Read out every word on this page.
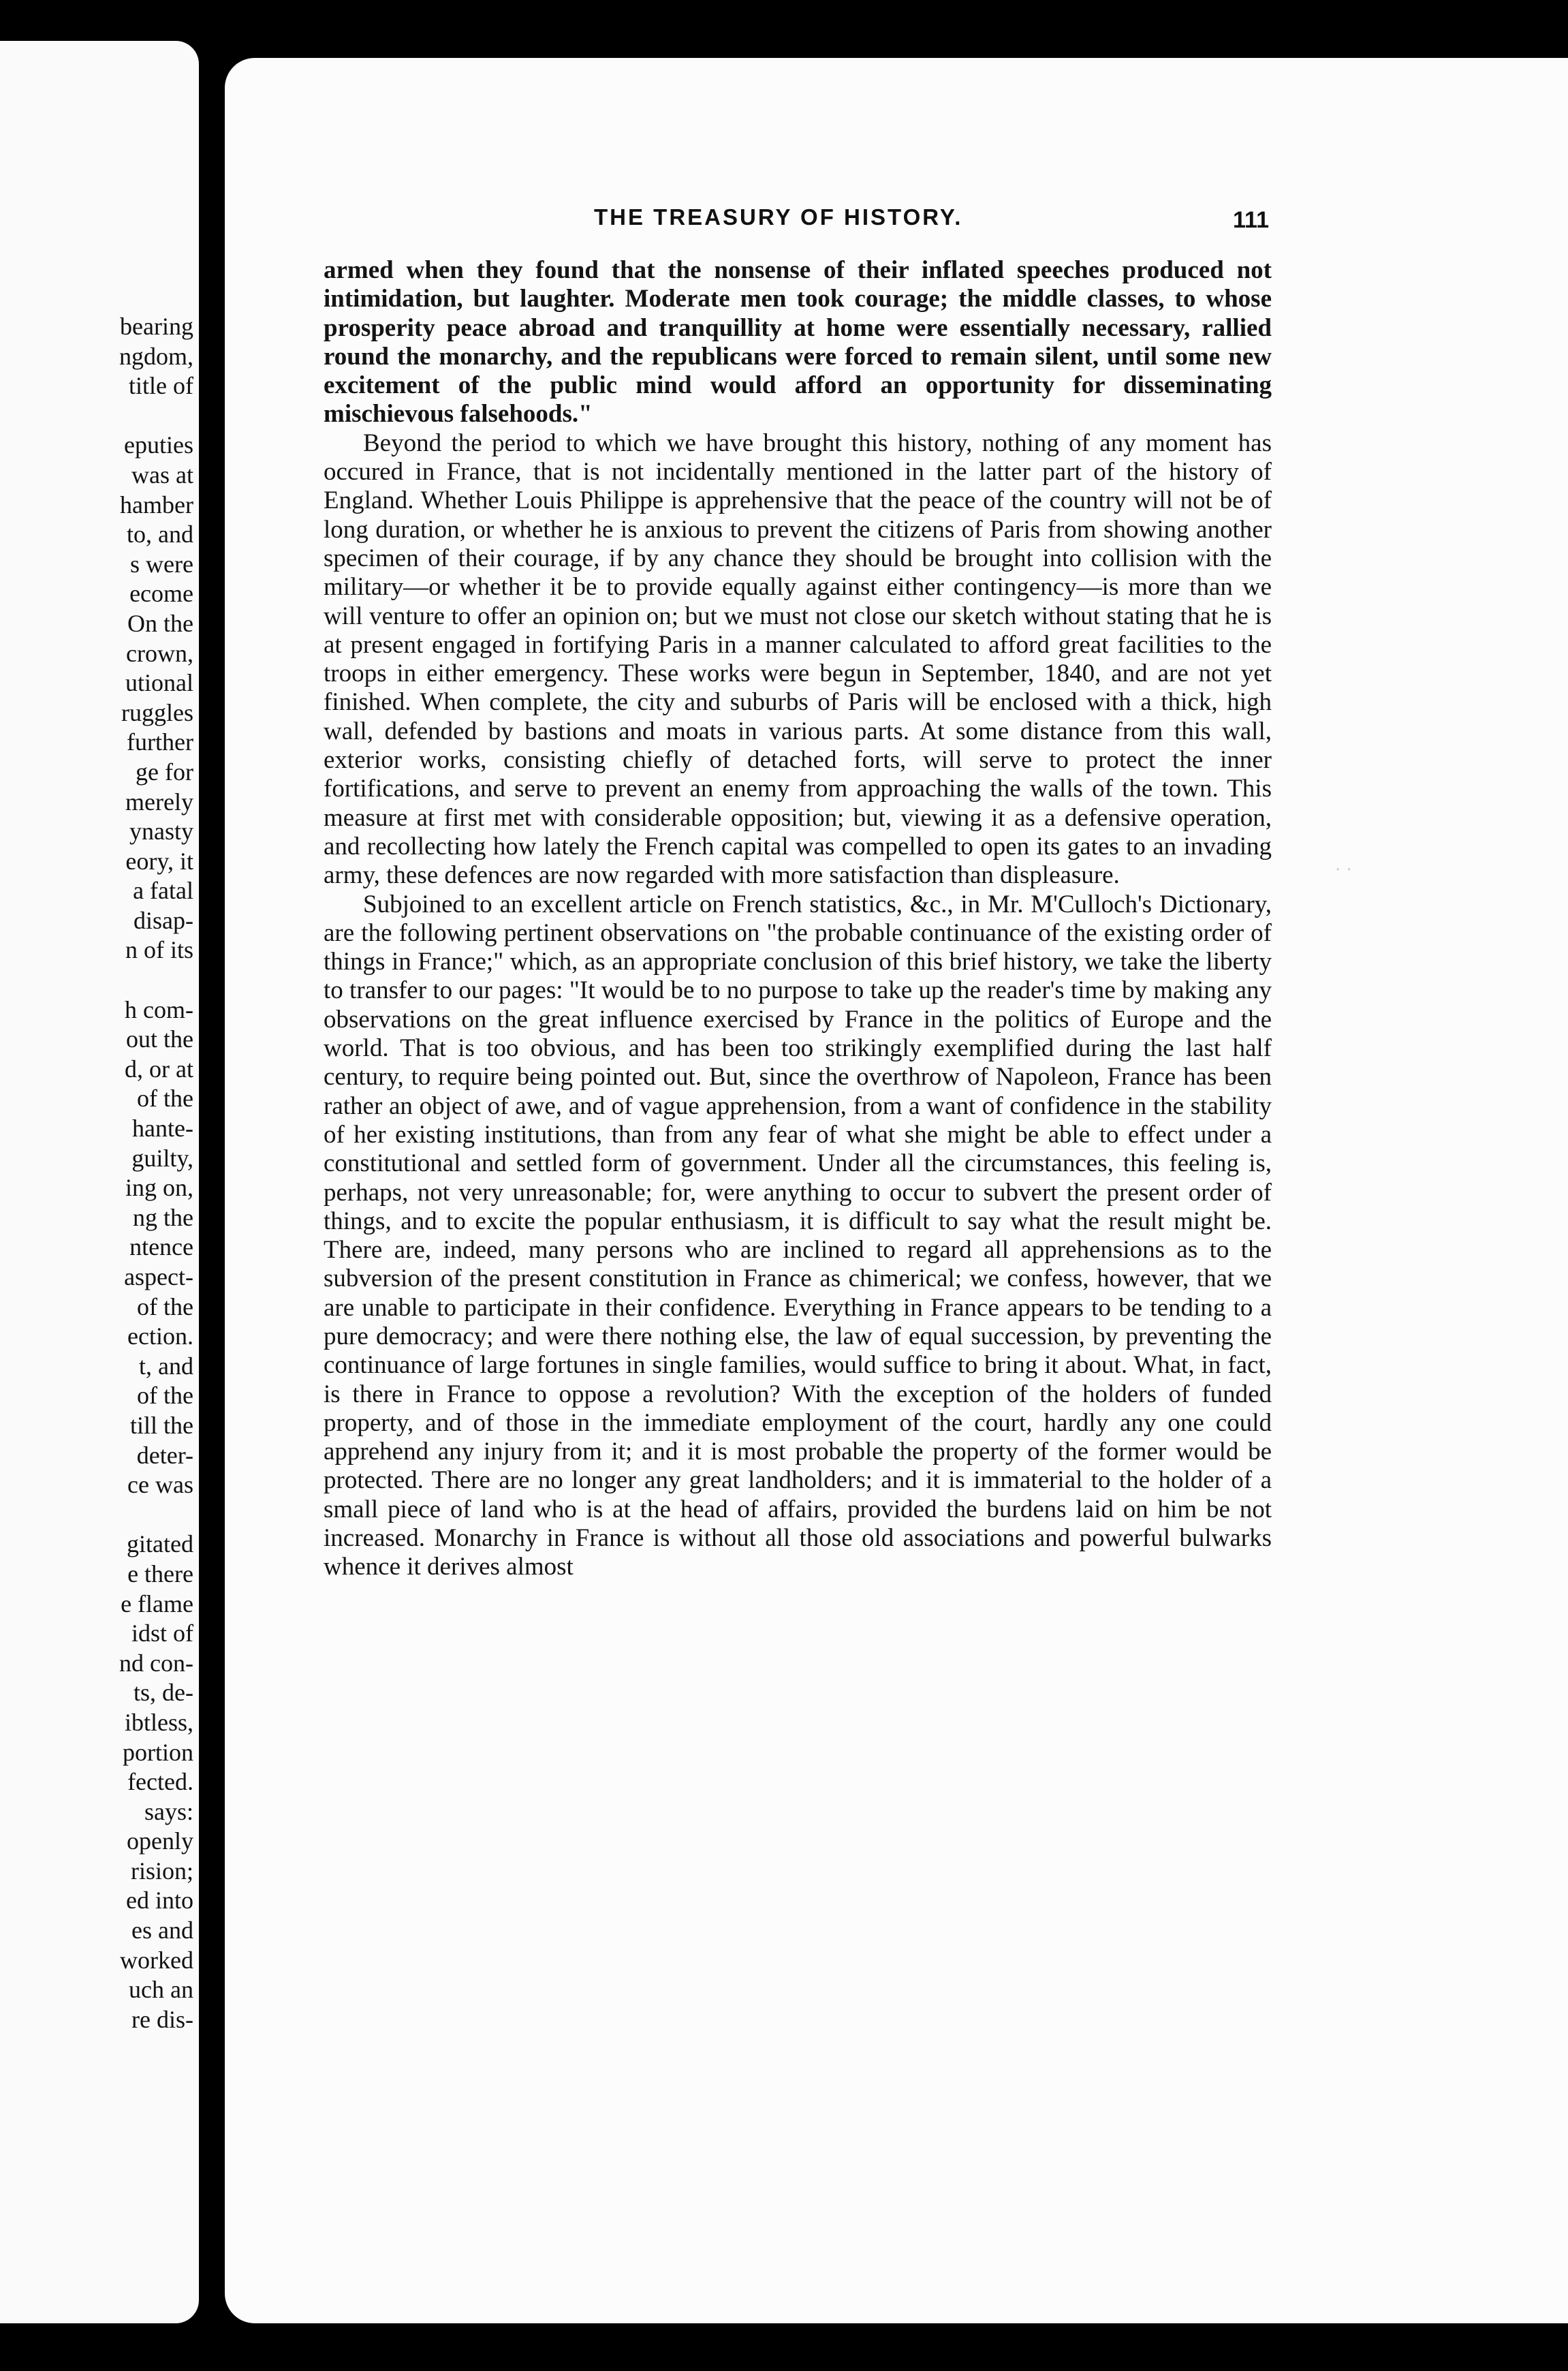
bearing
ngdom,
title of
eputies
was at
hamber
to, and
s were
ecome
On the
crown,
utional
ruggles
further
ge for
merely
ynasty
eory, it
a fatal
disap-
n of its
h com-
out the
d, or at
of the
hante-
guilty,
ing on,
ng the
ntence
aspect-
of the
ection.
t, and
of the
till the
deter-
ce was
gitated
e there
e flame
idst of
nd con-
ts, de-
ibtless,
portion
fected.
says:
openly
rision;
ed into
es and
worked
uch an
re dis-
THE TREASURY OF HISTORY.	111

armed when they found that the nonsense of their inflated speeches produced not intimidation, but laughter. Moderate men took courage; the middle classes, to whose prosperity peace abroad and tranquillity at home were essentially necessary, rallied round the monarchy, and the republicans were forced to remain silent, until some new excitement of the public mind would afford an opportunity for disseminating mischievous falsehoods."

Beyond the period to which we have brought this history, nothing of any moment has occured in France, that is not incidentally mentioned in the latter part of the history of England. Whether Louis Philippe is apprehensive that the peace of the country will not be of long duration, or whether he is anxious to prevent the citizens of Paris from showing another specimen of their courage, if by any chance they should be brought into collision with the military—or whether it be to provide equally against either contingency—is more than we will venture to offer an opinion on; but we must not close our sketch without stating that he is at present engaged in fortifying Paris in a manner calculated to afford great facilities to the troops in either emergency. These works were begun in September, 1840, and are not yet finished. When complete, the city and suburbs of Paris will be enclosed with a thick, high wall, defended by bastions and moats in various parts. At some distance from this wall, exterior works, consisting chiefly of detached forts, will serve to protect the inner fortifications, and serve to prevent an enemy from approaching the walls of the town. This measure at first met with considerable opposition; but, viewing it as a defensive operation, and recollecting how lately the French capital was compelled to open its gates to an invading army, these defences are now regarded with more satisfaction than displeasure.

Subjoined to an excellent article on French statistics, &c., in Mr. M'Culloch's Dictionary, are the following pertinent observations on "the probable continuance of the existing order of things in France;" which, as an appropriate conclusion of this brief history, we take the liberty to transfer to our pages: "It would be to no purpose to take up the reader's time by making any observations on the great influence exercised by France in the politics of Europe and the world. That is too obvious, and has been too strikingly exemplified during the last half century, to require being pointed out. But, since the overthrow of Napoleon, France has been rather an object of awe, and of vague apprehension, from a want of confidence in the stability of her existing institutions, than from any fear of what she might be able to effect under a constitutional and settled form of government. Under all the circumstances, this feeling is, perhaps, not very unreasonable; for, were anything to occur to subvert the present order of things, and to excite the popular enthusiasm, it is difficult to say what the result might be. There are, indeed, many persons who are inclined to regard all apprehensions as to the subversion of the present constitution in France as chimerical; we confess, however, that we are unable to participate in their confidence. Everything in France appears to be tending to a pure democracy; and were there nothing else, the law of equal succession, by preventing the continuance of large fortunes in single families, would suffice to bring it about. What, in fact, is there in France to oppose a revolution? With the exception of the holders of funded property, and of those in the immediate employment of the court, hardly any one could apprehend any injury from it; and it is most probable the property of the former would be protected. There are no longer any great landholders; and it is immaterial to the holder of a small piece of land who is at the head of affairs, provided the burdens laid on him be not increased. Monarchy in France is without all those old associations and powerful bulwarks whence it derives almost

· ·
